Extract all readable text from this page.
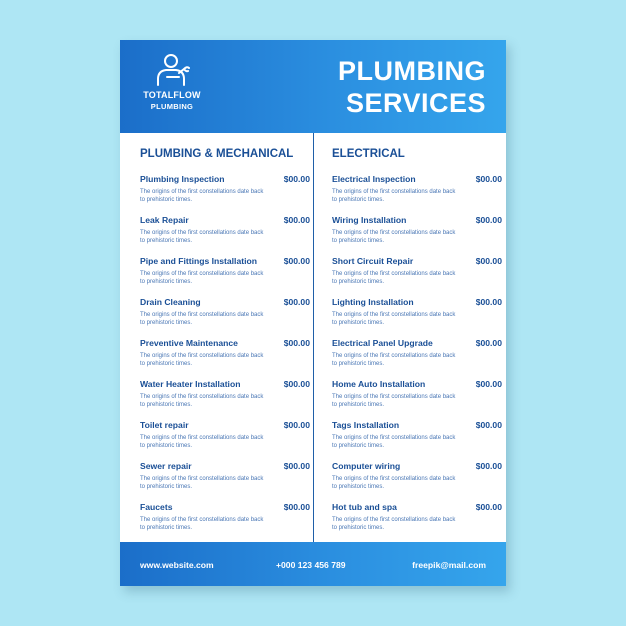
TOTALFLOW
PLUMBING
PLUMBING
SERVICES
PLUMBING & MECHANICAL
Plumbing Inspection	$00.00
The origins of the first constellations date back to prehistoric times.
Leak Repair	$00.00
The origins of the first constellations date back to prehistoric times.
Pipe and Fittings Installation	$00.00
The origins of the first constellations date back to prehistoric times.
Drain Cleaning	$00.00
The origins of the first constellations date back to prehistoric times.
Preventive Maintenance	$00.00
The origins of the first constellations date back to prehistoric times.
Water Heater Installation	$00.00
The origins of the first constellations date back to prehistoric times.
Toilet repair	$00.00
The origins of the first constellations date back to prehistoric times.
Sewer repair	$00.00
The origins of the first constellations date back to prehistoric times.
Faucets	$00.00
The origins of the first constellations date back to prehistoric times.
ELECTRICAL
Electrical Inspection	$00.00
The origins of the first constellations date back to prehistoric times.
Wiring Installation	$00.00
The origins of the first constellations date back to prehistoric times.
Short Circuit Repair	$00.00
The origins of the first constellations date back to prehistoric times.
Lighting Installation	$00.00
The origins of the first constellations date back to prehistoric times.
Electrical Panel Upgrade	$00.00
The origins of the first constellations date back to prehistoric times.
Home Auto Installation	$00.00
The origins of the first constellations date back to prehistoric times.
Tags Installation	$00.00
The origins of the first constellations date back to prehistoric times.
Computer wiring	$00.00
The origins of the first constellations date back to prehistoric times.
Hot tub and spa	$00.00
The origins of the first constellations date back to prehistoric times.
www.website.com	+000 123 456 789	freepik@mail.com
